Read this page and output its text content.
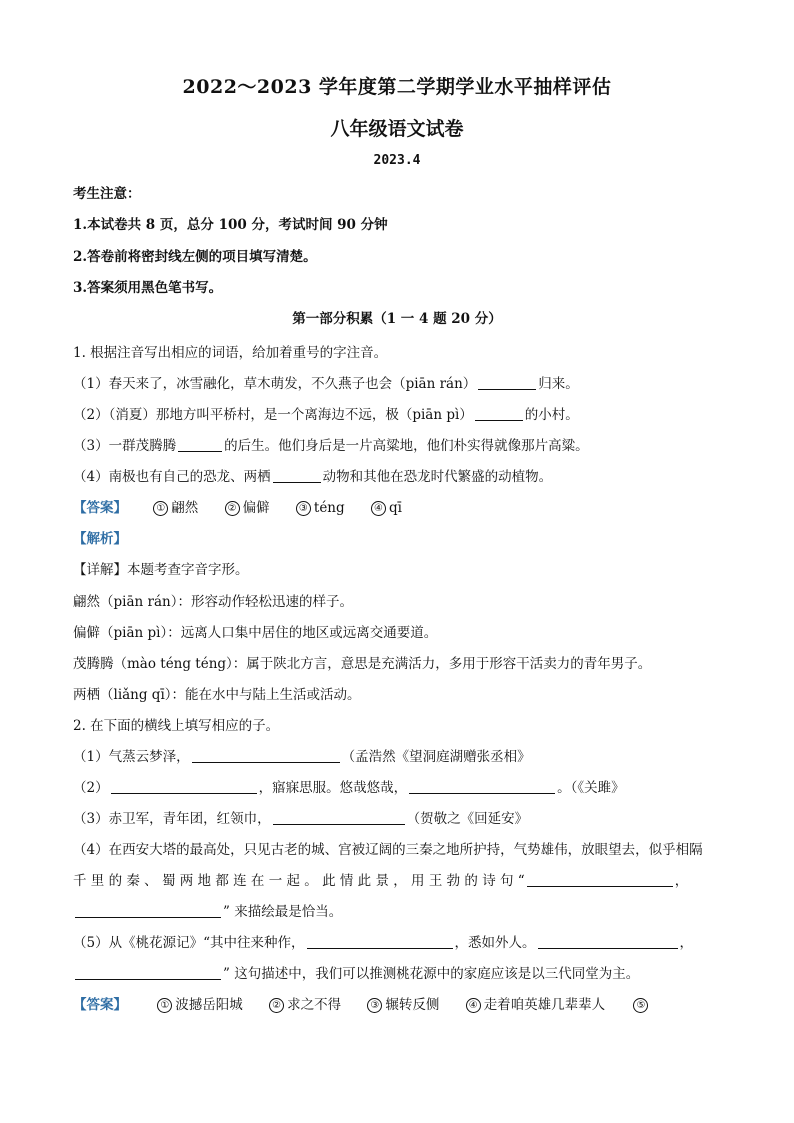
2022～2023 学年度第二学期学业水平抽样评估
八年级语文试卷
2023.4
考生注意：
1.本试卷共 8 页，总分 100 分，考试时间 90 分钟
2.答卷前将密封线左侧的项目填写清楚。
3.答案须用黑色笔书写。
第一部分积累（1 一 4 题 20 分）
1. 根据注音写出相应的词语，给加着重号的字注音。
（1）春天来了，冰雪融化，草木萌发，不久燕子也会（piān rán）	归来。
（2）（消夏）那地方叫平桥村，是一个离海边不远，极（piān pì）	的小村。
（3）一群茂腾腾	的后生。他们身后是一片高粱地，他们朴实得就像那片高粱。
（4）南极也有自己的恐龙、两栖	动物和其他在恐龙时代繁盛的动植物。
【答案】	① 翩然	② 偏僻	③ téng	④ qī
【解析】
【详解】本题考查字音字形。
翩然（piān rán）：形容动作轻松迅速的样子。
偏僻（piān pì）：远离人口集中居住的地区或远离交通要道。
茂腾腾（mào téng téng）：属于陕北方言，意思是充满活力，多用于形容干活卖力的青年男子。
两栖（liǎng qī）：能在水中与陆上生活或活动。
2. 在下面的横线上填写相应的子。
（1）气蒸云梦泽，	（孟浩然《望洞庭湖赠张丞相》
（2）	，寤寐思服。悠哉悠哉，	。（《关雎》
（3）赤卫军，青年团，红领巾，	（贺敬之《回延安》
（4）在西安大塔的最高处，只见古老的城、宫被辽阔的三秦之地所护持，气势雄伟，放眼望去，似乎相隔
千 里 的 秦 、 蜀 两 地 都 连 在 一 起 。 此 情 此 景 ， 用 王 勃 的 诗 句 “	，
” 来描绘最是恰当。
（5）从《桃花源记》“其中往来种作，	，悉如外人。	，
” 这句描述中，我们可以推测桃花源中的家庭应该是以三代同堂为主。
【答案】	① 波撼岳阳城	② 求之不得	③ 辗转反侧	④ 走着咱英雄几辈辈人	⑤
